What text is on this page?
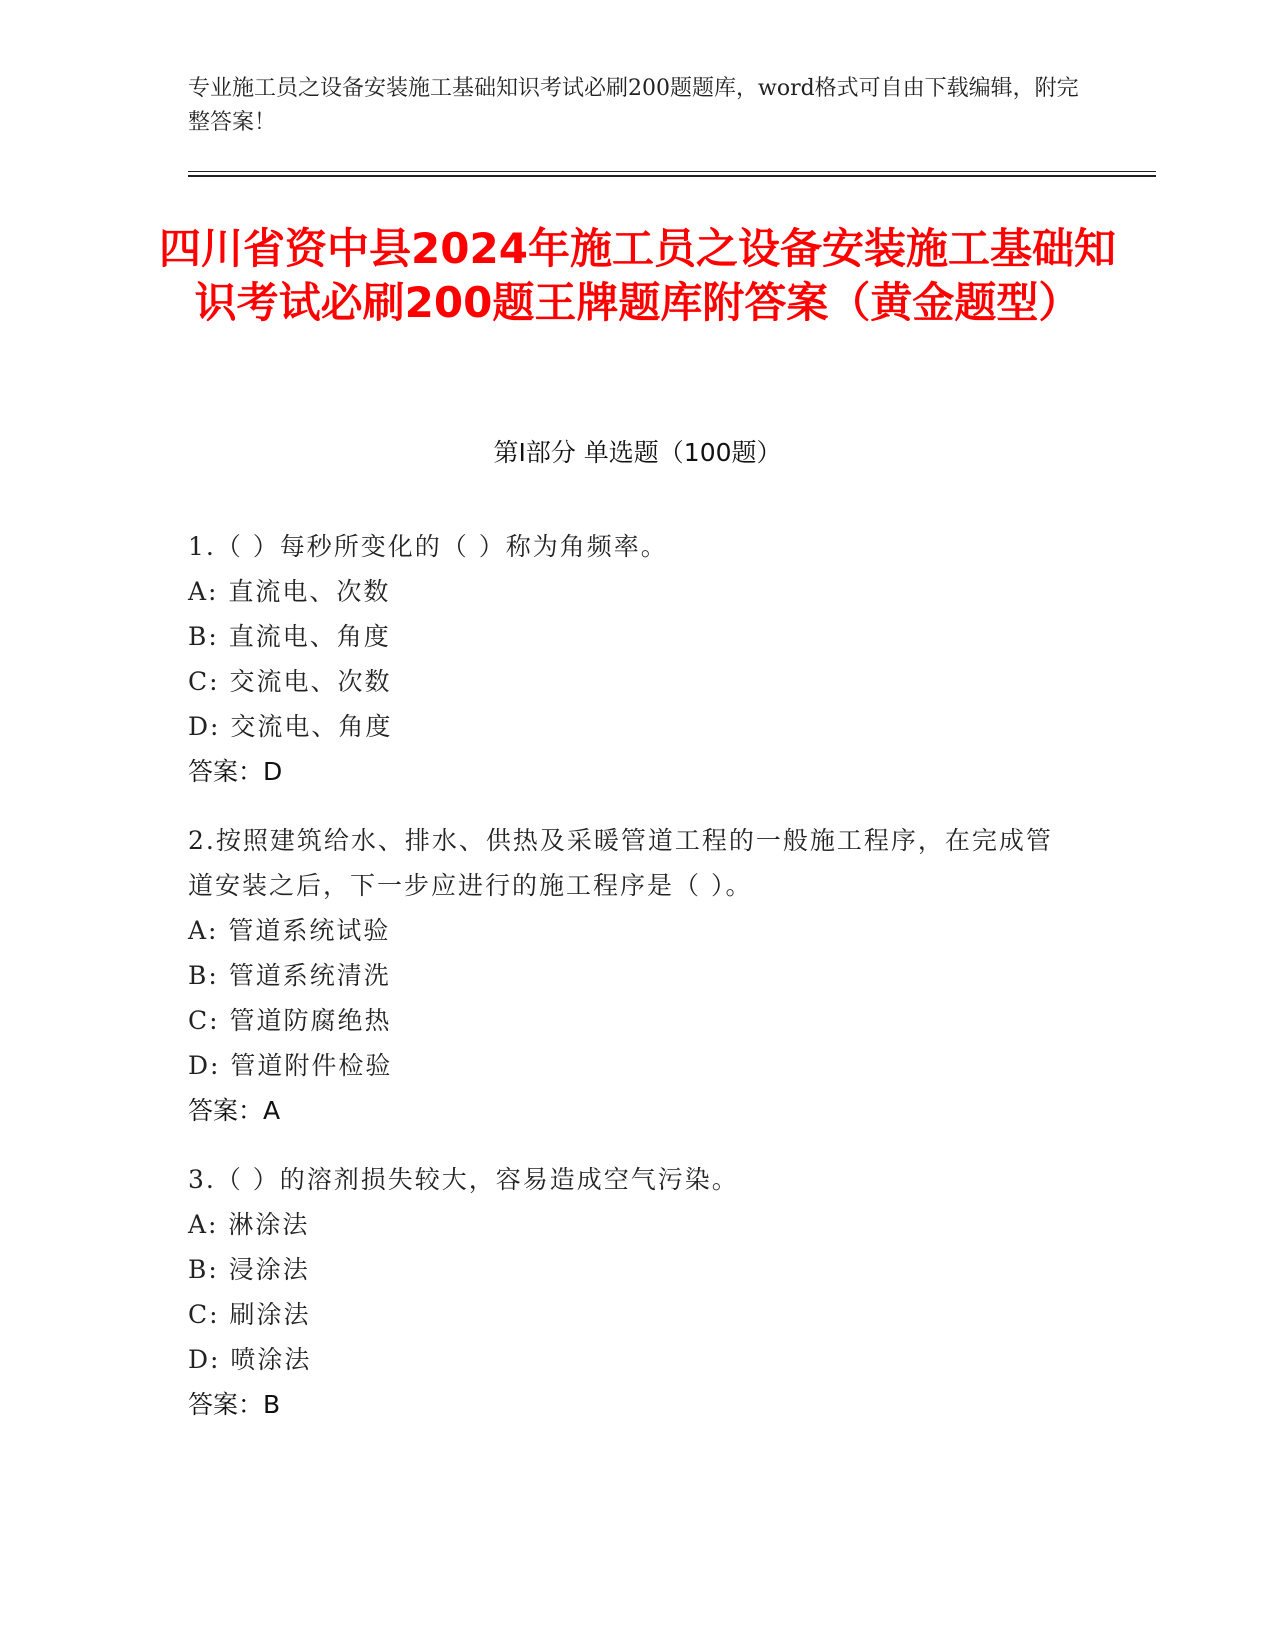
专业施工员之设备安装施工基础知识考试必刷200题题库，word格式可自由下载编辑，附完整答案！
四川省资中县2024年施工员之设备安装施工基础知识考试必刷200题王牌题库附答案（黄金题型）
第Ⅰ部分 单选题（100题）
1.（ ）每秒所变化的（ ）称为角频率。
A: 直流电、次数
B: 直流电、角度
C: 交流电、次数
D: 交流电、角度
答案：D
2.按照建筑给水、排水、供热及采暖管道工程的一般施工程序，在完成管道安装之后，下一步应进行的施工程序是（ ）。
A: 管道系统试验
B: 管道系统清洗
C: 管道防腐绝热
D: 管道附件检验
答案：A
3.（ ）的溶剂损失较大，容易造成空气污染。
A: 淋涂法
B: 浸涂法
C: 刷涂法
D: 喷涂法
答案：B
